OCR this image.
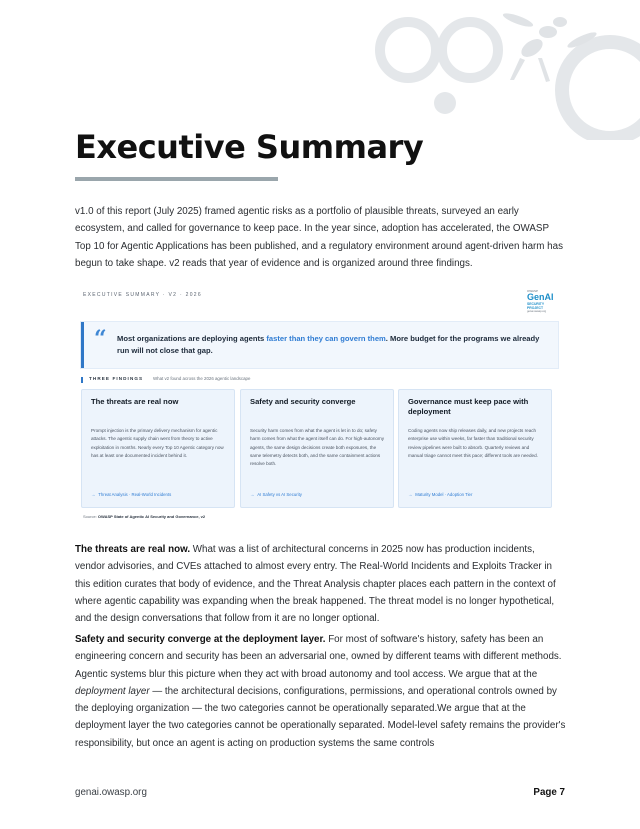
Executive Summary

v1.0 of this report (July 2025) framed agentic risks as a portfolio of plausible threats, surveyed an early ecosystem, and called for governance to keep pace. In the year since, adoption has accelerated, the OWASP Top 10 for Agentic Applications has been published, and a regulatory environment around agent-driven harm has begun to take shape. v2 reads that year of evidence and is organized around three findings.

EXECUTIVE SUMMARY · V2 · 2026
OWASP
GenAI
SECURITY
PROJECT
genai.owasp.org
“ Most organizations are deploying agents faster than they can govern them. More budget for the programs we already run will not close that gap.

THREE FINDINGS What v2 found across the 2026 agentic landscape
The threats are real now

Prompt injection is the primary delivery mechanism for agentic attacks. The agentic supply chain went from theory to active exploitation in months. Nearly every Top 10 Agentic category now has at least one documented incident behind it.

→ Threat Analysis · Real-World Incidents
Safety and security converge

Security harm comes from what the agent is let in to do; safety harm comes from what the agent itself can do. For high-autonomy agents, the same design decisions create both exposures, the same telemetry detects both, and the same containment actions resolve both.

→ AI Safety vs AI Security
Governance must keep pace with deployment

Coding agents now ship releases daily, and new projects reach enterprise use within weeks, far faster than traditional security review pipelines were built to absorb. Quarterly reviews and manual triage cannot meet this pace; different tools are needed.

→ Maturity Model · Adoption Tier
Source: OWASP State of Agentic AI Security and Governance, v2

The threats are real now. What was a list of architectural concerns in 2025 now has production incidents, vendor advisories, and CVEs attached to almost every entry. The Real-World Incidents and Exploits Tracker in this edition curates that body of evidence, and the Threat Analysis chapter places each pattern in the context of where agentic capability was expanding when the break happened. The threat model is no longer hypothetical, and the design conversations that follow from it are no longer optional.

Safety and security converge at the deployment layer. For most of software's history, safety has been an engineering concern and security has been an adversarial one, owned by different teams with different methods. Agentic systems blur this picture when they act with broad autonomy and tool access. We argue that at the deployment layer — the architectural decisions, configurations, permissions, and operational controls owned by the deploying organization — the two categories cannot be operationally separated.We argue that at the deployment layer the two categories cannot be operationally separated. Model-level safety remains the provider's responsibility, but once an agent is acting on production systems the same controls

genai.owasp.org	Page 7
